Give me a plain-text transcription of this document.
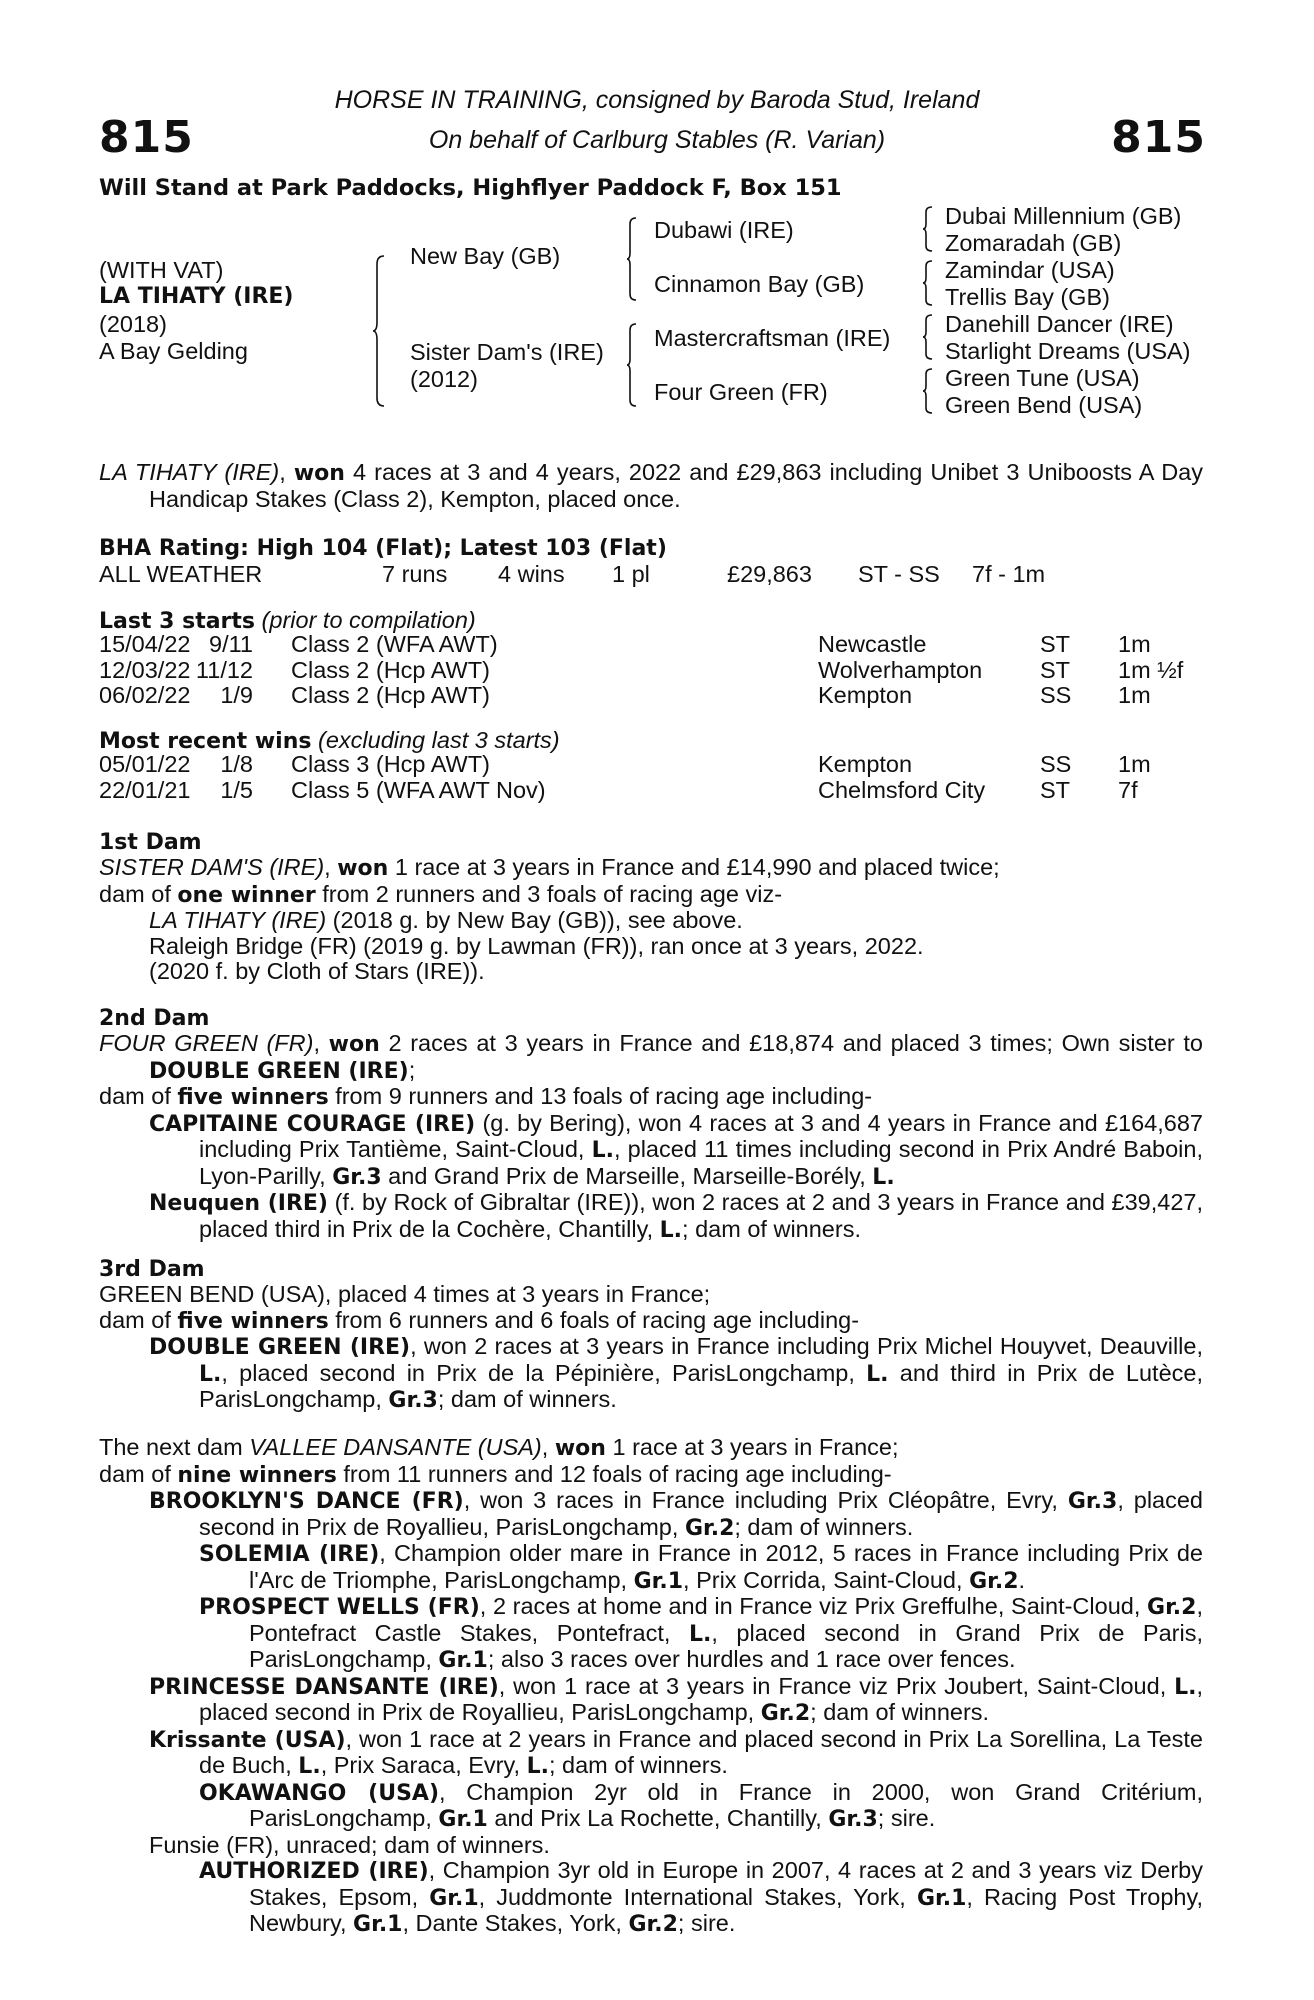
815	815
HORSE IN TRAINING, consigned by Baroda Stud, Ireland
On behalf of Carlburg Stables (R. Varian)
Will Stand at Park Paddocks, Highflyer Paddock F, Box 151
(WITH VAT)
LA TIHATY (IRE)
(2018)
A Bay Gelding
New Bay (GB)
Sister Dam's (IRE)
(2012)
Dubawi (IRE)
Cinnamon Bay (GB)
Mastercraftsman (IRE)
Four Green (FR)
Dubai Millennium (GB)
Zomaradah (GB)
Zamindar (USA)
Trellis Bay (GB)
Danehill Dancer (IRE)
Starlight Dreams (USA)
Green Tune (USA)
Green Bend (USA)

LA TIHATY (IRE), won 4 races at 3 and 4 years, 2022 and £29,863 including Unibet 3 Uniboosts A Day Handicap Stakes (Class 2), Kempton, placed once.

BHA Rating: High 104 (Flat); Latest 103 (Flat)
ALL WEATHER	7 runs 4 wins 1 pl	£29,863 ST - SS 7f - 1m
Last 3 starts (prior to compilation)
15/04/22 9/11 Class 2 (WFA AWT)	Newcastle	ST 1m
12/03/22 11/12 Class 2 (Hcp AWT)	Wolverhampton ST 1m ½f
06/02/22 1/9 Class 2 (Hcp AWT)	Kempton	SS 1m
Most recent wins (excluding last 3 starts)
05/01/22 1/8 Class 3 (Hcp AWT)	Kempton	SS 1m
22/01/21 1/5 Class 5 (WFA AWT Nov)	Chelmsford City ST 7f
1st Dam

SISTER DAM'S (IRE), won 1 race at 3 years in France and £14,990 and placed twice;

dam of one winner from 2 runners and 3 foals of racing age viz-

LA TIHATY (IRE) (2018 g. by New Bay (GB)), see above.

Raleigh Bridge (FR) (2019 g. by Lawman (FR)), ran once at 3 years, 2022.

(2020 f. by Cloth of Stars (IRE)).

2nd Dam

FOUR GREEN (FR), won 2 races at 3 years in France and £18,874 and placed 3 times; Own sister to DOUBLE GREEN (IRE);

dam of five winners from 9 runners and 13 foals of racing age including-

CAPITAINE COURAGE (IRE) (g. by Bering), won 4 races at 3 and 4 years in France and £164,687 including Prix Tantième, Saint-Cloud, L., placed 11 times including second in Prix André Baboin, Lyon-Parilly, Gr.3 and Grand Prix de Marseille, Marseille-Borély, L.

Neuquen (IRE) (f. by Rock of Gibraltar (IRE)), won 2 races at 2 and 3 years in France and £39,427, placed third in Prix de la Cochère, Chantilly, L.; dam of winners.

3rd Dam

GREEN BEND (USA), placed 4 times at 3 years in France;

dam of five winners from 6 runners and 6 foals of racing age including-

DOUBLE GREEN (IRE), won 2 races at 3 years in France including Prix Michel Houyvet, Deauville, L., placed second in Prix de la Pépinière, ParisLongchamp, L. and third in Prix de Lutèce, ParisLongchamp, Gr.3; dam of winners.

The next dam VALLEE DANSANTE (USA), won 1 race at 3 years in France;

dam of nine winners from 11 runners and 12 foals of racing age including-

BROOKLYN'S DANCE (FR), won 3 races in France including Prix Cléopâtre, Evry, Gr.3, placed second in Prix de Royallieu, ParisLongchamp, Gr.2; dam of winners.

SOLEMIA (IRE), Champion older mare in France in 2012, 5 races in France including Prix de l'Arc de Triomphe, ParisLongchamp, Gr.1, Prix Corrida, Saint-Cloud, Gr.2.

PROSPECT WELLS (FR), 2 races at home and in France viz Prix Greffulhe, Saint-Cloud, Gr.2, Pontefract Castle Stakes, Pontefract, L., placed second in Grand Prix de Paris, ParisLongchamp, Gr.1; also 3 races over hurdles and 1 race over fences.

PRINCESSE DANSANTE (IRE), won 1 race at 3 years in France viz Prix Joubert, Saint-Cloud, L., placed second in Prix de Royallieu, ParisLongchamp, Gr.2; dam of winners.

Krissante (USA), won 1 race at 2 years in France and placed second in Prix La Sorellina, La Teste de Buch, L., Prix Saraca, Evry, L.; dam of winners.

OKAWANGO (USA), Champion 2yr old in France in 2000, won Grand Critérium, ParisLongchamp, Gr.1 and Prix La Rochette, Chantilly, Gr.3; sire.

Funsie (FR), unraced; dam of winners.

AUTHORIZED (IRE), Champion 3yr old in Europe in 2007, 4 races at 2 and 3 years viz Derby Stakes, Epsom, Gr.1, Juddmonte International Stakes, York, Gr.1, Racing Post Trophy, Newbury, Gr.1, Dante Stakes, York, Gr.2; sire.
